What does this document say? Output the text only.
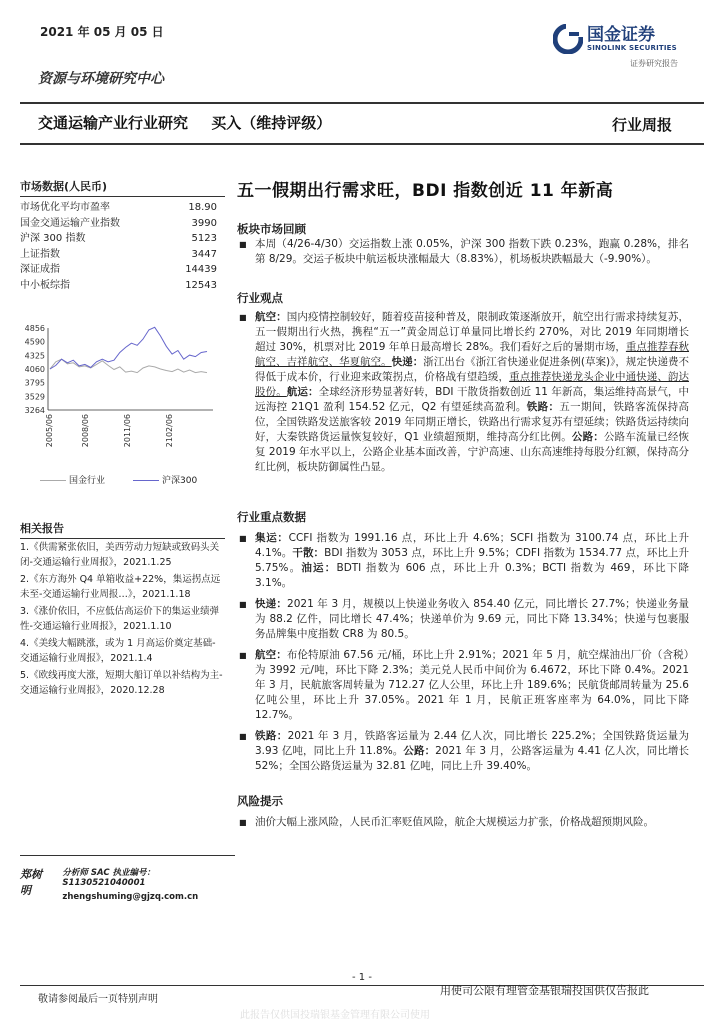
2021 年 05 月 05 日	国金证券
SINOLINK SECURITIES
证券研究报告
资源与环境研究中心
交通运输产业行业研究 买入（维持评级）	行业周报
市场数据(人民币)
市场优化平均市盈率	18.90
国金交通运输产业指数	3990
沪深 300 指数	5123
上证指数	3447
深证成指	14439
中小板综指	12543
4856
4590
4325
4060
3795
3529
3264
2005/06	2008/06	2011/06	2102/06
国金行业	沪深300
相关报告
1.《供需紧张依旧，美西劳动力短缺或致码头关闭-交通运输行业周报》，2021.1.25
2.《东方海外 Q4 单箱收益+22%，集运拐点远未至-交通运输行业周报…》，2021.1.18
3.《涨价依旧，不应低估高运价下的集运业绩弹性-交通运输行业周报》，2021.1.10
4.《美线大幅跳涨，或为 1 月高运价奠定基础-交通运输行业周报》，2021.1.4
5.《欧线再度大涨，短期大船订单以补结构为主-交通运输行业周报》，2020.12.28
郑树明
分析师 SAC 执业编号：S1130521040001
zhengshuming@gjzq.com.cn
五一假期出行需求旺，BDI 指数创近 11 年新高
板块市场回顾
■ 本周（4/26-4/30）交运指数上涨 0.05%，沪深 300 指数下跌 0.23%，跑赢 0.28%，排名第 8/29。交运子板块中航运板块涨幅最大（8.83%），机场板块跌幅最大（-9.90%）。
行业观点
■ 航空：国内疫情控制较好，随着疫苗接种普及，限制政策逐渐放开，航空出行需求持续复苏，五一假期出行火热，携程“五一”黄金周总订单量同比增长约 270%，对比 2019 年同期增长超过 30%，机票对比 2019 年单日最高增长 28%。我们看好之后的暑期市场，重点推荐春秋航空、吉祥航空、华夏航空。快递：浙江出台《浙江省快递业促进条例(草案)》，规定快递费不得低于成本价，行业迎来政策拐点，价格战有望趋缓，重点推荐快递龙头企业中通快递、韵达股份。航运：全球经济形势显著好转，BDI 干散货指数创近 11 年新高，集运维持高景气，中远海控 21Q1 盈利 154.52 亿元，Q2 有望延续高盈利。铁路：五一期间，铁路客流保持高位，全国铁路发送旅客较 2019 年同期正增长，铁路出行需求复苏有望延续；铁路货运持续向好，大秦铁路货运量恢复较好，Q1 业绩超预期，维持高分红比例。公路：公路车流量已经恢复 2019 年水平以上，公路企业基本面改善，宁沪高速、山东高速维持每股分红额，保持高分红比例，板块防御属性凸显。
行业重点数据
■ 集运：CCFI 指数为 1991.16 点，环比上升 4.6%；SCFI 指数为 3100.74 点，环比上升 4.1%。干散：BDI 指数为 3053 点，环比上升 9.5%；CDFI 指数为 1534.77 点，环比上升 5.75%。油运：BDTI 指数为 606 点，环比上升 0.3%；BCTI 指数为 469，环比下降 3.1%。
■ 快递：2021 年 3 月，规模以上快递业务收入 854.40 亿元，同比增长 27.7%；快递业务量为 88.2 亿件，同比增长 47.4%；快递单价为 9.69 元，同比下降 13.34%；快递与包裹服务品牌集中度指数 CR8 为 80.5。
■ 航空：布伦特原油 67.56 元/桶，环比上升 2.91%；2021 年 5 月，航空煤油出厂价（含税）为 3992 元/吨，环比下降 2.3%；美元兑人民币中间价为 6.4672，环比下降 0.4%。2021 年 3 月，民航旅客周转量为 712.27 亿人公里，环比上升 189.6%；民航货邮周转量为 25.6 亿吨公里，环比上升 37.05%。2021 年 1 月，民航正班客座率为 64.0%，同比下降 12.7%。
■ 铁路：2021 年 3 月，铁路客运量为 2.44 亿人次，同比增长 225.2%；全国铁路货运量为 3.93 亿吨，同比上升 11.8%。公路：2021 年 3 月，公路客运量为 4.41 亿人次，同比增长 52%；全国公路货运量为 32.81 亿吨，同比上升 39.40%。
风险提示
■ 油价大幅上涨风险，人民币汇率贬值风险，航企大规模运力扩张，价格战超预期风险。
- 1 -
敬请参阅最后一页特别声明
用使司公限有理管金基银瑞投国供仅告报此
此报告仅供国投瑞银基金管理有限公司使用
